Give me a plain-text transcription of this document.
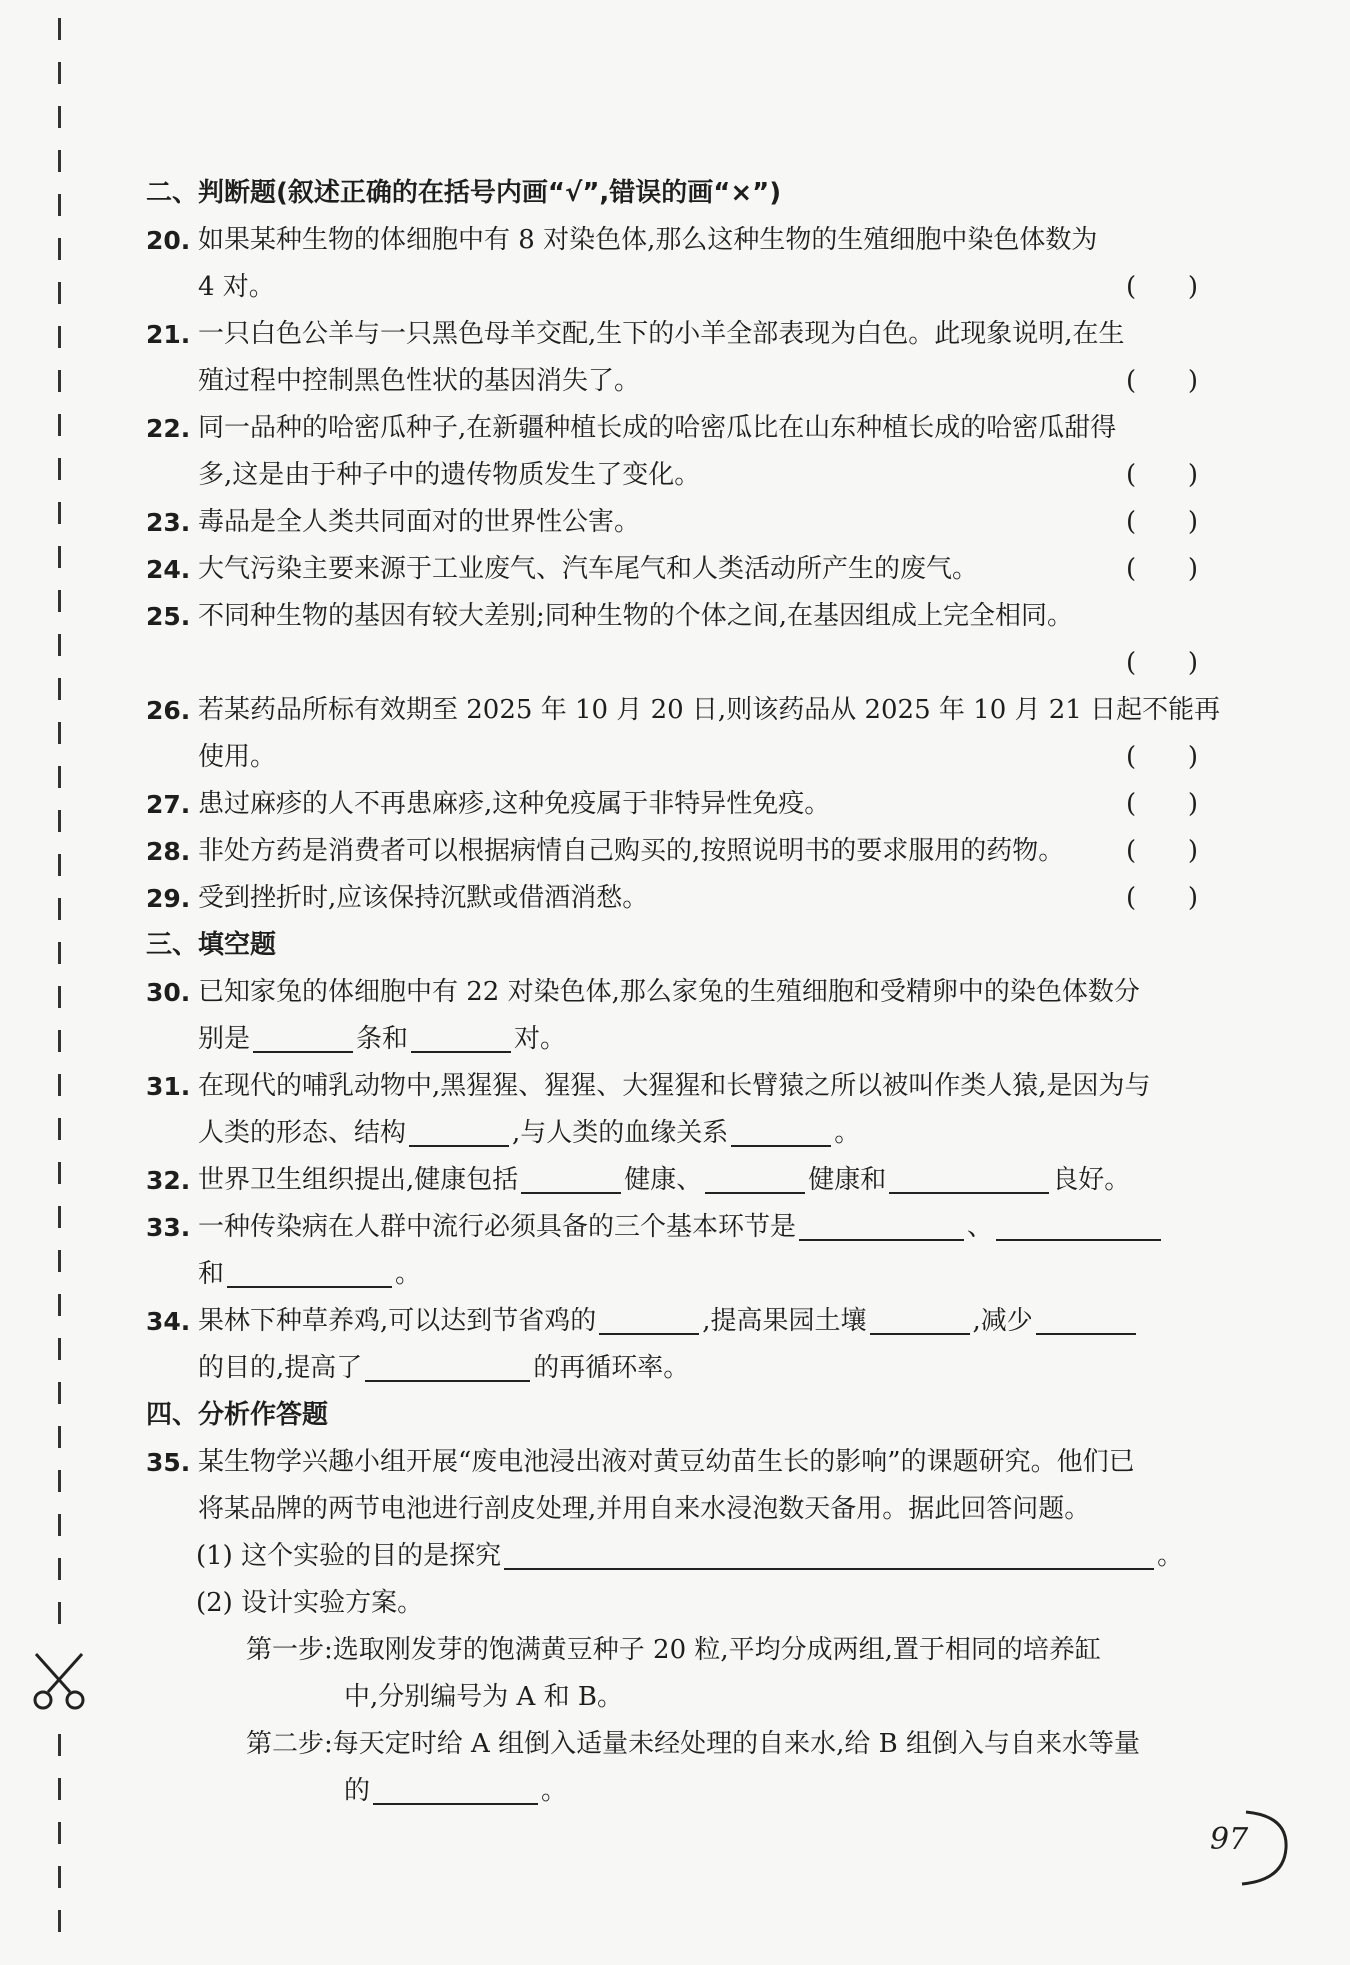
二、判断题(叙述正确的在括号内画“√”,错误的画“×”)
20. 如果某种生物的体细胞中有 8 对染色体,那么这种生物的生殖细胞中染色体数为
4 对。	( )
21. 一只白色公羊与一只黑色母羊交配,生下的小羊全部表现为白色。此现象说明,在生
殖过程中控制黑色性状的基因消失了。	( )
22. 同一品种的哈密瓜种子,在新疆种植长成的哈密瓜比在山东种植长成的哈密瓜甜得
多,这是由于种子中的遗传物质发生了变化。	( )
23. 毒品是全人类共同面对的世界性公害。	( )
24. 大气污染主要来源于工业废气、汽车尾气和人类活动所产生的废气。	( )
25. 不同种生物的基因有较大差别;同种生物的个体之间,在基因组成上完全相同。
( )
26. 若某药品所标有效期至 2025 年 10 月 20 日,则该药品从 2025 年 10 月 21 日起不能再
使用。	( )
27. 患过麻疹的人不再患麻疹,这种免疫属于非特异性免疫。	( )
28. 非处方药是消费者可以根据病情自己购买的,按照说明书的要求服用的药物。	( )
29. 受到挫折时,应该保持沉默或借酒消愁。	( )
三、填空题
30. 已知家兔的体细胞中有 22 对染色体,那么家兔的生殖细胞和受精卵中的染色体数分
别是	条和	对。
31. 在现代的哺乳动物中,黑猩猩、猩猩、大猩猩和长臂猿之所以被叫作类人猿,是因为与
人类的形态、结构	,与人类的血缘关系	。
32. 世界卫生组织提出,健康包括	健康、	健康和	良好。
33. 一种传染病在人群中流行必须具备的三个基本环节是	、
和	。
34. 果林下种草养鸡,可以达到节省鸡的	,提高果园土壤	,减少
的目的,提高了	的再循环率。
四、分析作答题
35. 某生物学兴趣小组开展“废电池浸出液对黄豆幼苗生长的影响”的课题研究。他们已
将某品牌的两节电池进行剖皮处理,并用自来水浸泡数天备用。据此回答问题。
(1) 这个实验的目的是探究	。
(2) 设计实验方案。
第一步:选取刚发芽的饱满黄豆种子 20 粒,平均分成两组,置于相同的培养缸
中,分别编号为 A 和 B。
第二步:每天定时给 A 组倒入适量未经处理的自来水,给 B 组倒入与自来水等量
的	。
97
